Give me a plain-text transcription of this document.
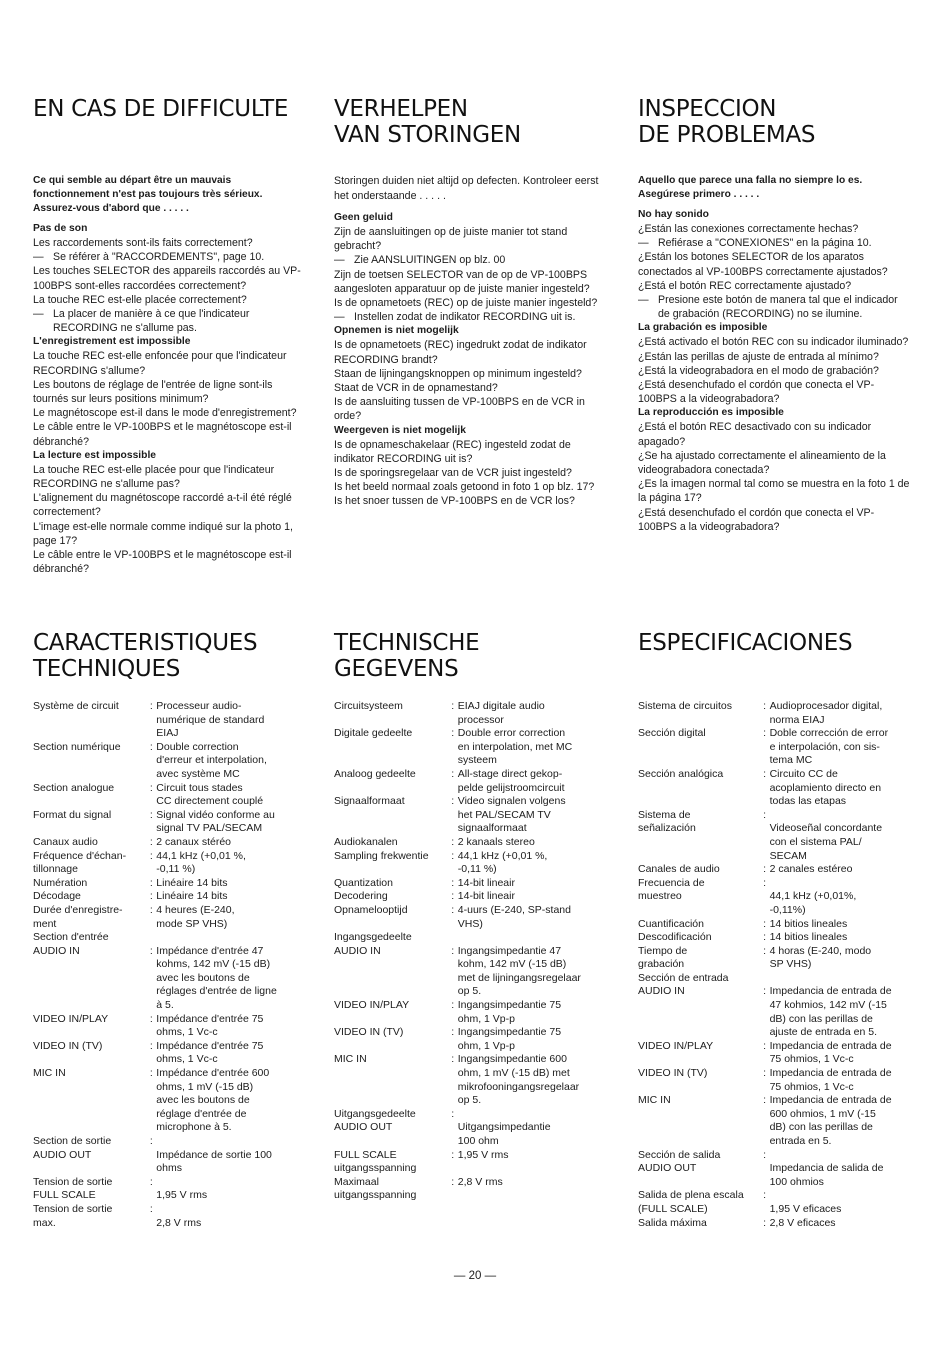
EN CAS DE DIFFICULTE

Ce qui semble au départ être un mauvais fonctionnement n'est pas toujours très sérieux. Assurez-vous d'abord que . . . . .

Pas de son

Les raccordements sont-ils faits correctement?

— Se référer à "RACCORDEMENTS", page 10.

Les touches SELECTOR des appareils raccordés au VP-100BPS sont-elles raccordées correctement?

La touche REC est-elle placée correctement?

— La placer de manière à ce que l'indicateur RECORDING ne s'allume pas.

L'enregistrement est impossible

La touche REC est-elle enfoncée pour que l'indicateur RECORDING s'allume?

Les boutons de réglage de l'entrée de ligne sont-ils tournés sur leurs positions minimum?

Le magnétoscope est-il dans le mode d'enregistrement?

Le câble entre le VP-100BPS et le magnétoscope est-il débranché?

La lecture est impossible

La touche REC est-elle placée pour que l'indicateur RECORDING ne s'allume pas?

L'alignement du magnétoscope raccordé a-t-il été réglé correctement?

L'image est-elle normale comme indiqué sur la photo 1, page 17?

Le câble entre le VP-100BPS et le magnétoscope est-il débranché?

VERHELPEN
VAN STORINGEN

Storingen duiden niet altijd op defecten. Kontroleer eerst het onderstaande . . . . .

Geen geluid

Zijn de aansluitingen op de juiste manier tot stand gebracht?

— Zie AANSLUITINGEN op blz. 00

Zijn de toetsen SELECTOR van de op de VP-100BPS aangesloten apparatuur op de juiste manier ingesteld?

Is de opnametoets (REC) op de juiste manier ingesteld?

— Instellen zodat de indikator RECORDING uit is.

Opnemen is niet mogelijk

Is de opnametoets (REC) ingedrukt zodat de indikator RECORDING brandt?

Staan de lijningangsknoppen op minimum ingesteld?

Staat de VCR in de opnamestand?

Is de aansluiting tussen de VP-100BPS en de VCR in orde?

Weergeven is niet mogelijk

Is de opnameschakelaar (REC) ingesteld zodat de indikator RECORDING uit is?

Is de sporingsregelaar van de VCR juist ingesteld?

Is het beeld normaal zoals getoond in foto 1 op blz. 17?

Is het snoer tussen de VP-100BPS en de VCR los?

INSPECCION
DE PROBLEMAS

Aquello que parece una falla no siempre lo es. Asegúrese primero . . . . .

No hay sonido

¿Están las conexiones correctamente hechas?

— Refiérase a "CONEXIONES" en la página 10.

¿Están los botones SELECTOR de los aparatos conectados al VP-100BPS correctamente ajustados?

¿Está el botón REC correctamente ajustado?

— Presione este botón de manera tal que el indicador de grabación (RECORDING) no se ilumine.

La grabación es imposible

¿Está activado el botón REC con su indicador iluminado?

¿Están las perillas de ajuste de entrada al mínimo?

¿Está la videograbadora en el modo de grabación?

¿Está desenchufado el cordón que conecta el VP-100BPS a la videograbadora?

La reproducción es imposible

¿Está el botón REC desactivado con su indicador apagado?

¿Se ha ajustado correctamente el alineamiento de la videograbadora conectada?

¿Es la imagen normal tal como se muestra en la foto 1 de la página 17?

¿Está desenchufado el cordón que conecta el VP-100BPS a la videograbadora?

CARACTERISTIQUES
TECHNIQUES
Système de circuit	:	Processeur audio-
numérique de standard
EIAJ
Section numérique	:	Double correction
d'erreur et interpolation,
avec système MC
Section analogue	:	Circuit tous stades
CC directement couplé
Format du signal	:	Signal vidéo conforme au
signal TV PAL/SECAM
Canaux audio	:	2 canaux stéréo
Fréquence d'échan-
tillonnage	:	44,1 kHz (+0,01 %,
-0,11 %)
Numération	:	Linéaire 14 bits
Décodage	:	Linéaire 14 bits
Durée d'enregistre-
ment	:	4 heures (E-240,
mode SP VHS)
Section d'entrée		
AUDIO IN	:	Impédance d'entrée 47
kohms, 142 mV (-15 dB)
avec les boutons de
réglages d'entrée de ligne
à 5.
VIDEO IN/PLAY	:	Impédance d'entrée 75
ohms, 1 Vc-c
VIDEO IN (TV)	:	Impédance d'entrée 75
ohms, 1 Vc-c
MIC IN	:	Impédance d'entrée 600
ohms, 1 mV (-15 dB)
avec les boutons de
réglage d'entrée de
microphone à 5.
Section de sortie
AUDIO OUT	:	
Impédance de sortie 100
ohms
Tension de sortie
FULL SCALE	:	
1,95 V rms
Tension de sortie
max.	:	
2,8 V rms
TECHNISCHE
GEGEVENS
Circuitsysteem	:	EIAJ digitale audio
processor
Digitale gedeelte	:	Double error correction
en interpolation, met MC
systeem
Analoog gedeelte	:	All-stage direct gekop-
pelde gelijstroomcircuit
Signaalformaat	:	Video signalen volgens
het PAL/SECAM TV
signaalformaat
Audiokanalen	:	2 kanaals stereo
Sampling frekwentie	:	44,1 kHz (+0,01 %,
-0,11 %)
Quantization	:	14-bit lineair
Decodering	:	14-bit lineair
Opnameloоptijd	:	4-uurs (E-240, SP-stand
VHS)
Ingangsgedeelte		
AUDIO IN	:	Ingangsimpedantie 47
kohm, 142 mV (-15 dB)
met de lijningangsregelaar
op 5.
VIDEO IN/PLAY	:	Ingangsimpedantie 75
ohm, 1 Vp-p
VIDEO IN (TV)	:	Ingangsimpedantie 75
ohm, 1 Vp-p
MIC IN	:	Ingangsimpedantie 600
ohm, 1 mV (-15 dB) met
mikrofooningangsregelaar
op 5.
Uitgangsgedeelte
AUDIO OUT	:	
Uitgangsimpedantie
100 ohm
FULL SCALE
uitgangsspanning	:	1,95 V rms
Maximaal
uitgangsspanning	:	2,8 V rms
ESPECIFICACIONES
Sistema de circuitos	:	Audioprocesador digital,
norma EIAJ
Sección digital	:	Doble corrección de error
e interpolación, con sis-
tema MC
Sección analógica	:	Circuito CC de
acoplamiento directo en
todas las etapas
Sistema de
señalización	:	
Videoseñal concordante
con el sistema PAL/
SECAM
Canales de audio	:	2 canales estéreo
Frecuencia de
muestreo	:	
44,1 kHz (+0,01%,
-0,11%)
Cuantificación	:	14 bitios lineales
Descodificación	:	14 bitios lineales
Tiempo de
grabación	:	4 horas (E-240, modo
SP VHS)
Sección de entrada		
AUDIO IN	:	Impedancia de entrada de
47 kohmios, 142 mV (-15
dB) con las perillas de
ajuste de entrada en 5.
VIDEO IN/PLAY	:	Impedancia de entrada de
75 ohmios, 1 Vc-c
VIDEO IN (TV)	:	Impedancia de entrada de
75 ohmios, 1 Vc-c
MIC IN	:	Impedancia de entrada de
600 ohmios, 1 mV (-15
dB) con las perillas de
entrada en 5.
Sección de salida
AUDIO OUT	:	
Impedancia de salida de
100 ohmios
Salida de plena escala
(FULL SCALE)	:	
1,95 V eficaces
Salida máxima	:	2,8 V eficaces
— 20 —
